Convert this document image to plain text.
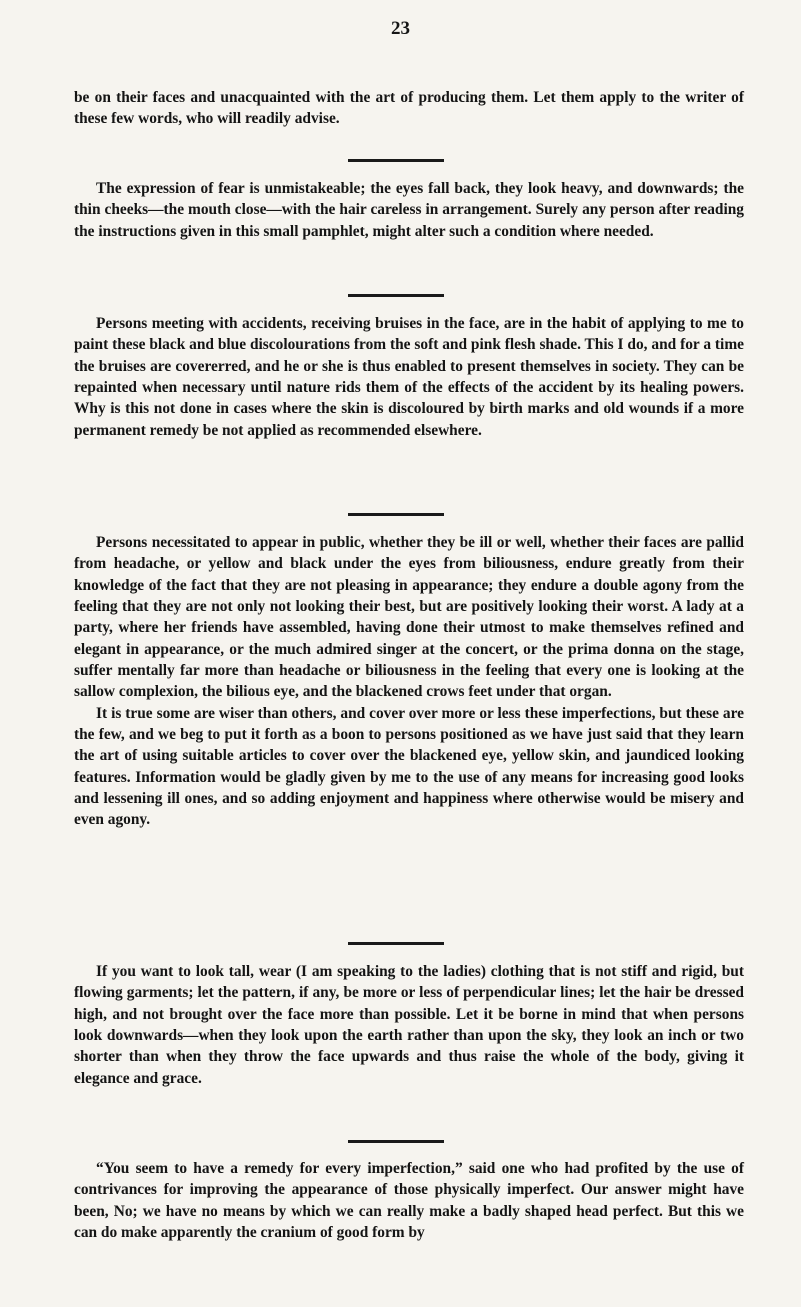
23

be on their faces and unacquainted with the art of producing them. Let them apply to the writer of these few words, who will readily advise.

The expression of fear is unmistakeable; the eyes fall back, they look heavy, and downwards; the thin cheeks—the mouth close—with the hair careless in arrangement. Surely any person after reading the instructions given in this small pamphlet, might alter such a condition where needed.

Persons meeting with accidents, receiving bruises in the face, are in the habit of applying to me to paint these black and blue discolourations from the soft and pink flesh shade. This I do, and for a time the bruises are covererred, and he or she is thus enabled to present themselves in society. They can be repainted when necessary until nature rids them of the effects of the accident by its healing powers. Why is this not done in cases where the skin is discoloured by birth marks and old wounds if a more permanent remedy be not applied as recommended elsewhere.

Persons necessitated to appear in public, whether they be ill or well, whether their faces are pallid from headache, or yellow and black under the eyes from biliousness, endure greatly from their knowledge of the fact that they are not pleasing in appearance; they endure a double agony from the feeling that they are not only not looking their best, but are positively looking their worst. A lady at a party, where her friends have assembled, having done their utmost to make themselves refined and elegant in appearance, or the much admired singer at the concert, or the prima donna on the stage, suffer mentally far more than headache or biliousness in the feeling that every one is looking at the sallow complexion, the bilious eye, and the blackened crows feet under that organ.

It is true some are wiser than others, and cover over more or less these imperfections, but these are the few, and we beg to put it forth as a boon to persons positioned as we have just said that they learn the art of using suitable articles to cover over the blackened eye, yellow skin, and jaundiced looking features. Information would be gladly given by me to the use of any means for increasing good looks and lessening ill ones, and so adding enjoyment and happiness where otherwise would be misery and even agony.

If you want to look tall, wear (I am speaking to the ladies) clothing that is not stiff and rigid, but flowing garments; let the pattern, if any, be more or less of perpendicular lines; let the hair be dressed high, and not brought over the face more than possible. Let it be borne in mind that when persons look downwards—when they look upon the earth rather than upon the sky, they look an inch or two shorter than when they throw the face upwards and thus raise the whole of the body, giving it elegance and grace.

“You seem to have a remedy for every imperfection,” said one who had profited by the use of contrivances for improving the appearance of those physically imperfect. Our answer might have been, No; we have no means by which we can really make a badly shaped head perfect. But this we can do make apparently the cranium of good form by
